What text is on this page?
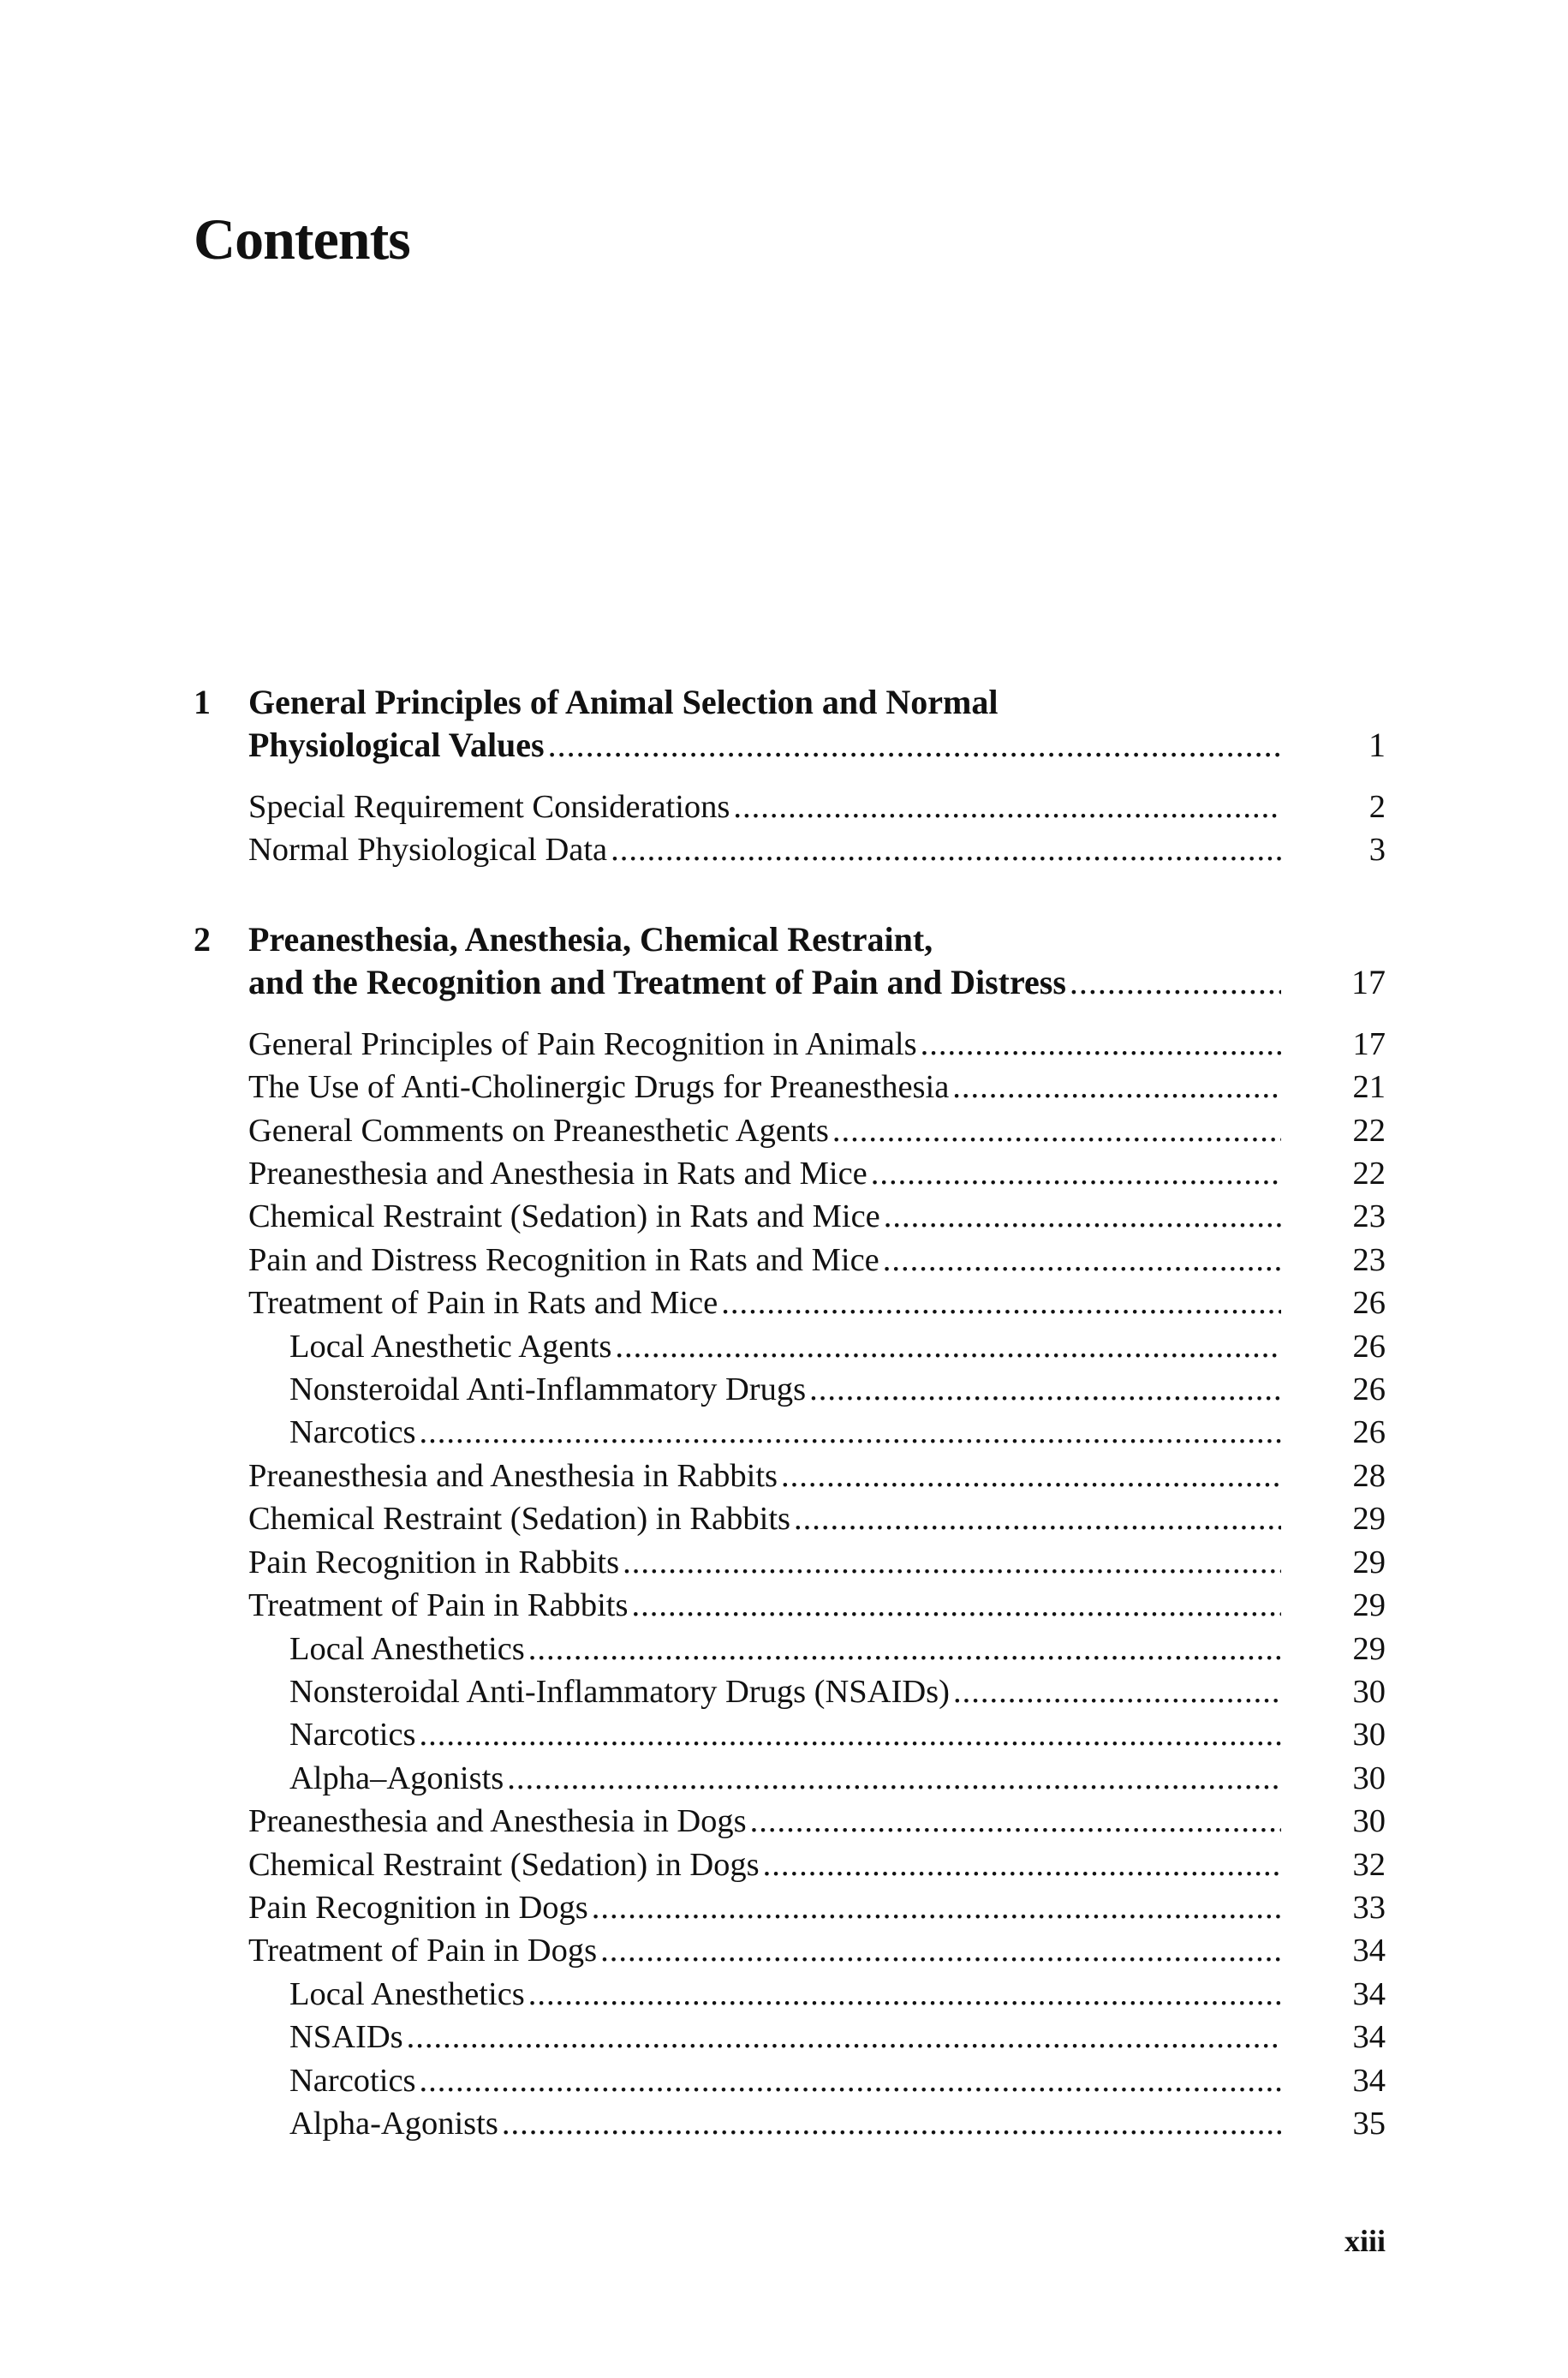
Contents
1	General Principles of Animal Selection and Normal
Physiological Values .....	1
Special Requirement Considerations .....	2
Normal Physiological Data .....	3
2	Preanesthesia, Anesthesia, Chemical Restraint,
and the Recognition and Treatment of Pain and Distress .....	17
General Principles of Pain Recognition in Animals .....	17
The Use of Anti-Cholinergic Drugs for Preanesthesia .....	21
General Comments on Preanesthetic Agents .....	22
Preanesthesia and Anesthesia in Rats and Mice .....	22
Chemical Restraint (Sedation) in Rats and Mice .....	23
Pain and Distress Recognition in Rats and Mice .....	23
Treatment of Pain in Rats and Mice .....	26
Local Anesthetic Agents .....	26
Nonsteroidal Anti-Inflammatory Drugs .....	26
Narcotics .....	26
Preanesthesia and Anesthesia in Rabbits .....	28
Chemical Restraint (Sedation) in Rabbits .....	29
Pain Recognition in Rabbits .....	29
Treatment of Pain in Rabbits .....	29
Local Anesthetics .....	29
Nonsteroidal Anti-Inflammatory Drugs (NSAIDs) .....	30
Narcotics .....	30
Alpha–Agonists .....	30
Preanesthesia and Anesthesia in Dogs .....	30
Chemical Restraint (Sedation) in Dogs .....	32
Pain Recognition in Dogs .....	33
Treatment of Pain in Dogs .....	34
Local Anesthetics .....	34
NSAIDs .....	34
Narcotics .....	34
Alpha-Agonists .....	35
xiii
